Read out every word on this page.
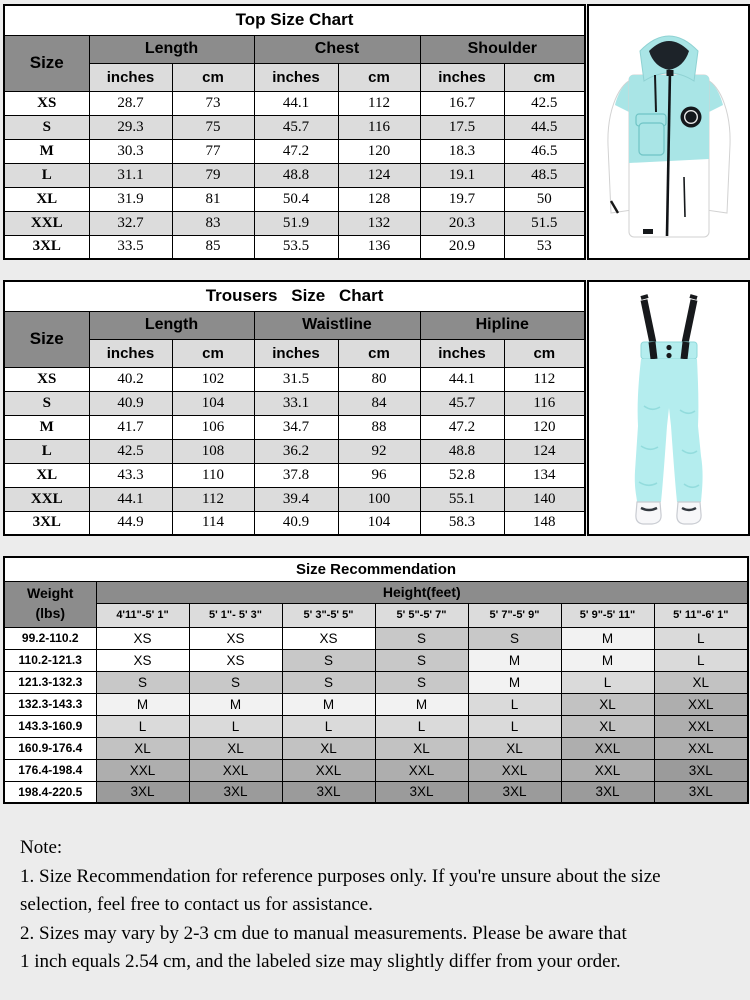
Top Size Chart						
Size	Length		Chest		Shoulder	
	inches	cm	inches	cm	inches	cm
XS	28.7	73	44.1	112	16.7	42.5
S	29.3	75	45.7	116	17.5	44.5
M	30.3	77	47.2	120	18.3	46.5
L	31.1	79	48.8	124	19.1	48.5
XL	31.9	81	50.4	128	19.7	50
XXL	32.7	83	51.9	132	20.3	51.5
3XL	33.5	85	53.5	136	20.9	53
Trousers Size Chart						
Size	Length		Waistline		Hipline	
	inches	cm	inches	cm	inches	cm
XS	40.2	102	31.5	80	44.1	112
S	40.9	104	33.1	84	45.7	116
M	41.7	106	34.7	88	47.2	120
L	42.5	108	36.2	92	48.8	124
XL	43.3	110	37.8	96	52.8	134
XXL	44.1	112	39.4	100	55.1	140
3XL	44.9	114	40.9	104	58.3	148
Size Recommendation							

Weight
(lbs)	Height(feet)						
	4'11"-5' 1"	5' 1"- 5' 3"	5' 3"-5' 5"	5' 5"-5' 7"	5' 7"-5' 9"	5' 9"-5' 11"	5' 11"-6' 1"
99.2-110.2	XS	XS	XS	S	S	M	L
110.2-121.3	XS	XS	S	S	M	M	L
121.3-132.3	S	S	S	S	M	L	XL
132.3-143.3	M	M	M	M	L	XL	XXL
143.3-160.9	L	L	L	L	L	XL	XXL
160.9-176.4	XL	XL	XL	XL	XL	XXL	XXL
176.4-198.4	XXL	XXL	XXL	XXL	XXL	XXL	3XL
198.4-220.5	3XL	3XL	3XL	3XL	3XL	3XL	3XL
Note:
1. Size Recommendation for reference purposes only. If you're unsure about the size
selection, feel free to contact us for assistance.
2. Sizes may vary by 2-3 cm due to manual measurements. Please be aware that
1 inch equals 2.54 cm, and the labeled size may slightly differ from your order.
